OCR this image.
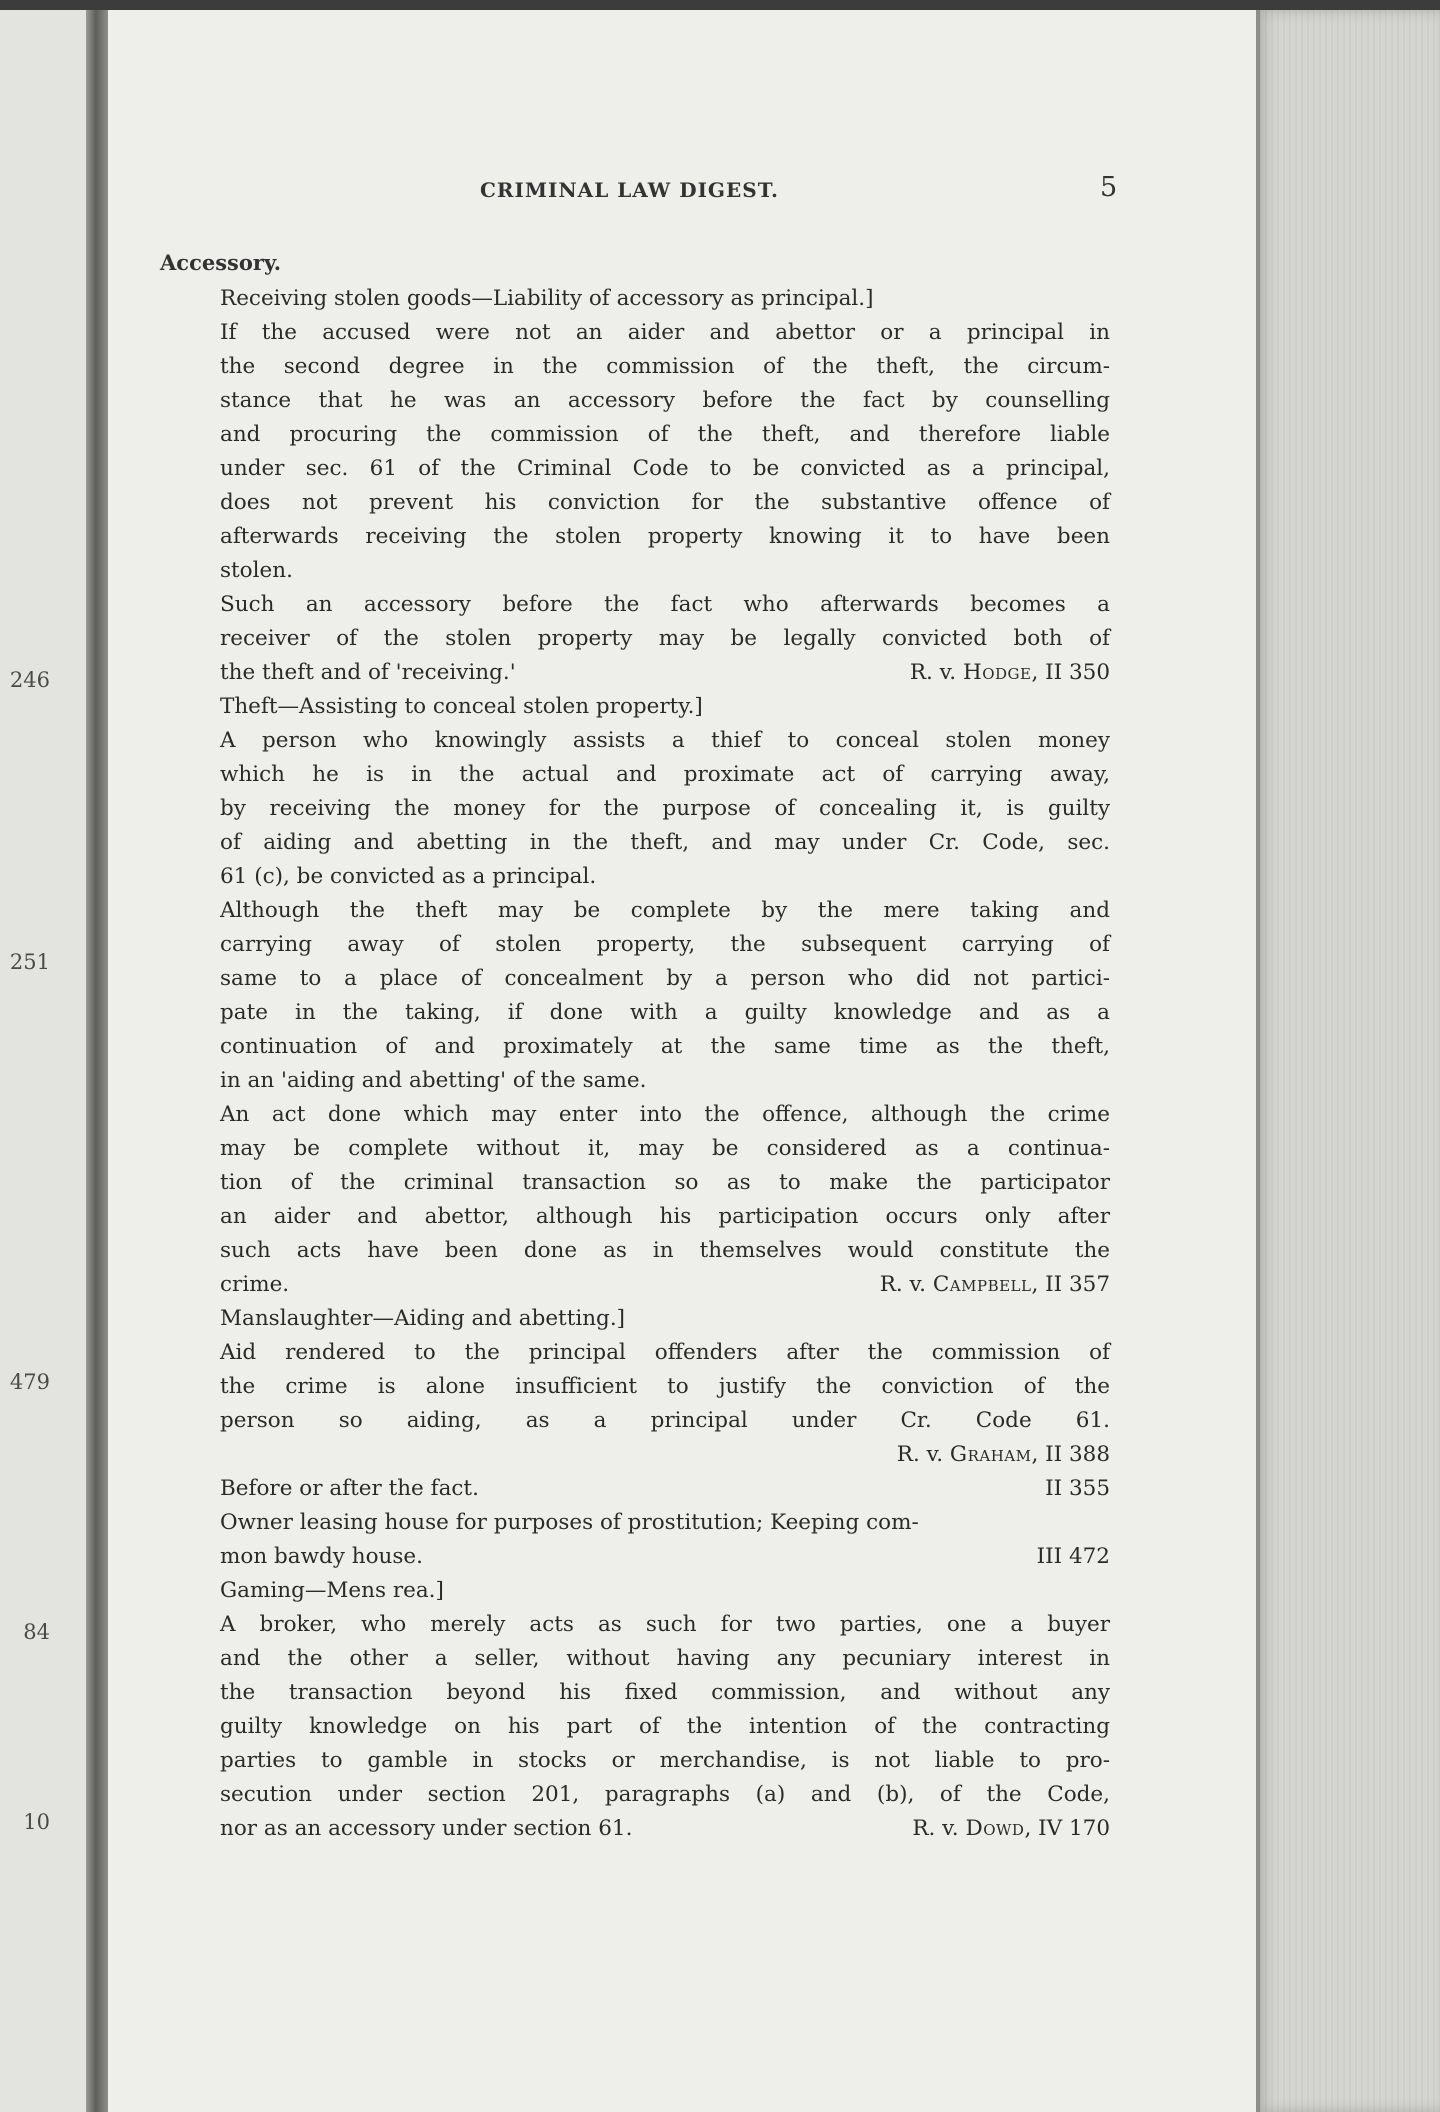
246
251
479
84
10
CRIMINAL LAW DIGEST.	5
Accessory.
Receiving stolen goods—Liability of accessory as principal.]
If the accused were not an aider and abettor or a principal in
the second degree in the commission of the theft, the circum-
stance that he was an accessory before the fact by counselling
and procuring the commission of the theft, and therefore liable
under sec. 61 of the Criminal Code to be convicted as a principal,
does not prevent his conviction for the substantive offence of
afterwards receiving the stolen property knowing it to have been
stolen.
Such an accessory before the fact who afterwards becomes a
receiver of the stolen property may be legally convicted both of
the theft and of 'receiving.'	R. v. Hodge, II 350
Theft—Assisting to conceal stolen property.]
A person who knowingly assists a thief to conceal stolen money
which he is in the actual and proximate act of carrying away,
by receiving the money for the purpose of concealing it, is guilty
of aiding and abetting in the theft, and may under Cr. Code, sec.
61 (c), be convicted as a principal.
Although the theft may be complete by the mere taking and
carrying away of stolen property, the subsequent carrying of
same to a place of concealment by a person who did not partici-
pate in the taking, if done with a guilty knowledge and as a
continuation of and proximately at the same time as the theft,
in an 'aiding and abetting' of the same.
An act done which may enter into the offence, although the crime
may be complete without it, may be considered as a continua-
tion of the criminal transaction so as to make the participator
an aider and abettor, although his participation occurs only after
such acts have been done as in themselves would constitute the
crime.	R. v. Campbell, II 357
Manslaughter—Aiding and abetting.]
Aid rendered to the principal offenders after the commission of
the crime is alone insufficient to justify the conviction of the
person so aiding, as a principal under Cr. Code 61.
R. v. Graham, II 388
Before or after the fact.	II 355
Owner leasing house for purposes of prostitution; Keeping com-
mon bawdy house.	III 472
Gaming—Mens rea.]
A broker, who merely acts as such for two parties, one a buyer
and the other a seller, without having any pecuniary interest in
the transaction beyond his fixed commission, and without any
guilty knowledge on his part of the intention of the contracting
parties to gamble in stocks or merchandise, is not liable to pro-
secution under section 201, paragraphs (a) and (b), of the Code,
nor as an accessory under section 61.	R. v. Dowd, IV 170
